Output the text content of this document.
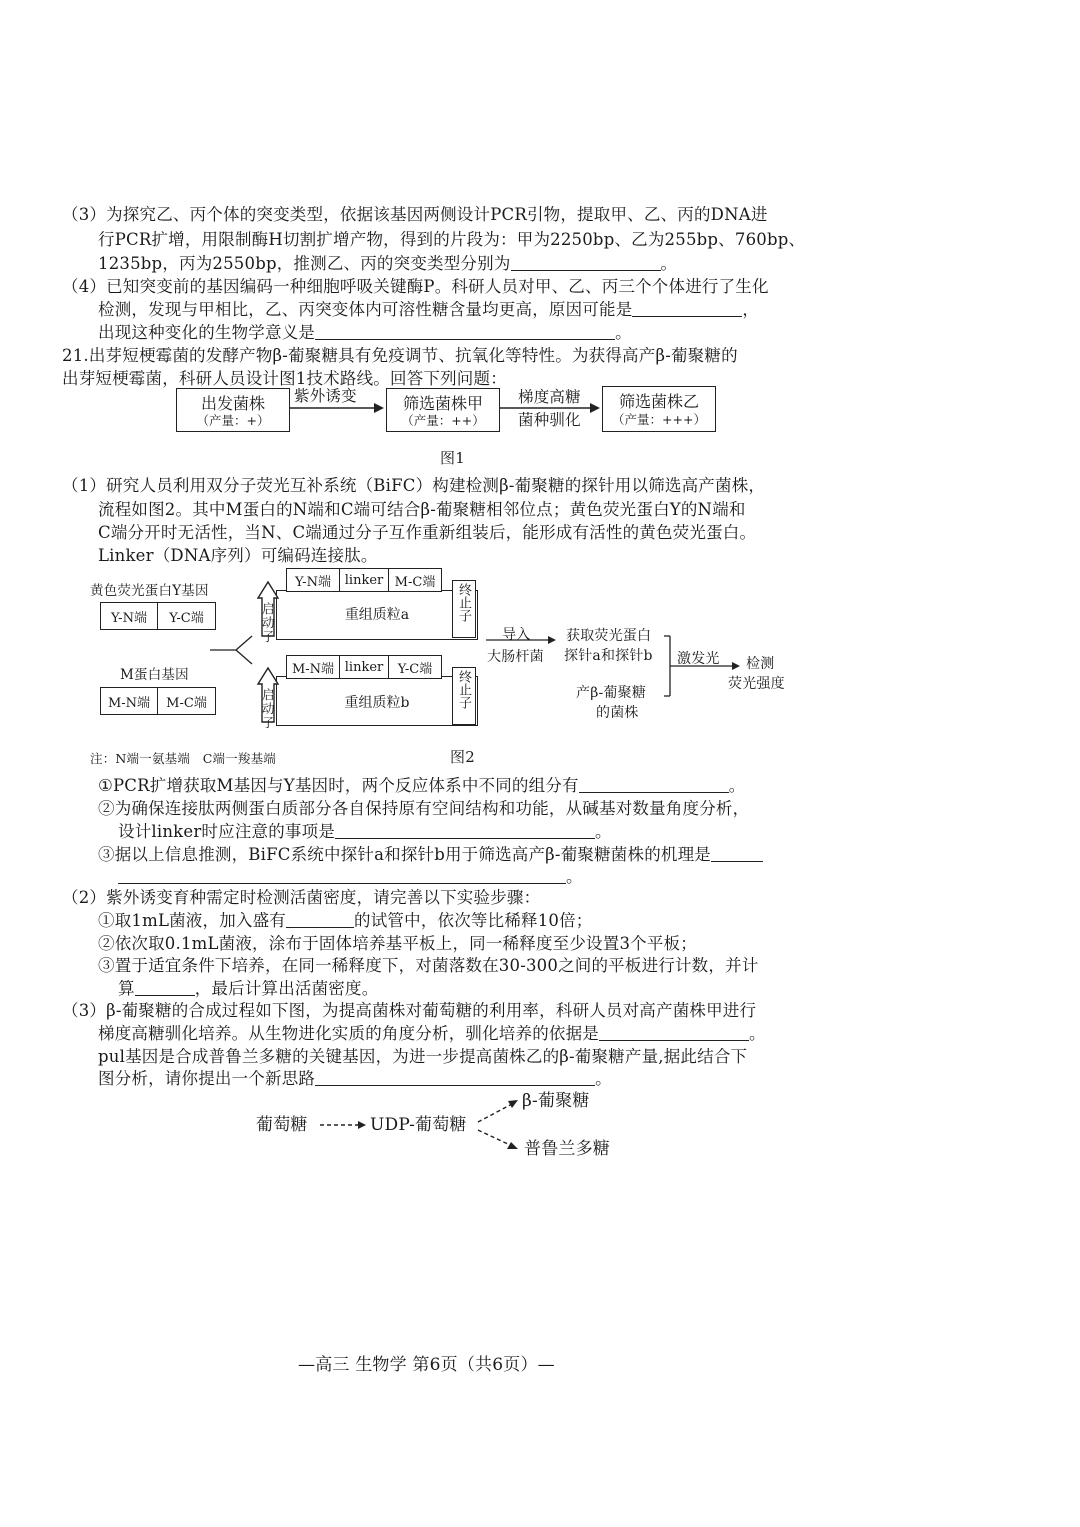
（3）为探究乙、丙个体的突变类型，依据该基因两侧设计PCR引物，提取甲、乙、丙的DNA进
行PCR扩增，用限制酶H切割扩增产物，得到的片段为：甲为2250bp、乙为255bp、760bp、
1235bp，丙为2550bp，推测乙、丙的突变类型分别为	。
（4）已知突变前的基因编码一种细胞呼吸关键酶P。科研人员对甲、乙、丙三个个体进行了生化
检测，发现与甲相比，乙、丙突变体内可溶性糖含量均更高，原因可能是	，
出现这种变化的生物学意义是	。
21.出芽短梗霉菌的发酵产物β-葡聚糖具有免疫调节、抗氧化等特性。为获得高产β-葡聚糖的
出芽短梗霉菌，科研人员设计图1技术路线。回答下列问题：
出发菌株
（产量：+）
筛选菌株甲
（产量：++）
筛选菌株乙
（产量：+++）
紫外诱变	梯度高糖
菌种驯化
图1
（1）研究人员利用双分子荧光互补系统（BiFC）构建检测β-葡聚糖的探针用以筛选高产菌株，
流程如图2。其中M蛋白的N端和C端可结合β-葡聚糖相邻位点；黄色荧光蛋白Y的N端和
C端分开时无活性，当N、C端通过分子互作重新组装后，能形成有活性的黄色荧光蛋白。
Linker（DNA序列）可编码连接肽。
黄色荧光蛋白Y基因
Y-N端	Y-C端
M蛋白基因
M-N端	M-C端
重组质粒a
Y-N端	linker M-C端
终止子
重组质粒b
M-N端 linker	Y-C端
终止子
启动子
启动子
导入
大肠杆菌
获取荧光蛋白
探针a和探针b
产β-葡聚糖
的菌株
激发光 检测
荧光强度
注：N端一氨基端　C端一羧基端	图2
①PCR扩增获取M基因与Y基因时，两个反应体系中不同的组分有	。
②为确保连接肽两侧蛋白质部分各自保持原有空间结构和功能，从碱基对数量角度分析，
设计linker时应注意的事项是	。
③据以上信息推测，BiFC系统中探针a和探针b用于筛选高产β-葡聚糖菌株的机理是
。
（2）紫外诱变育种需定时检测活菌密度，请完善以下实验步骤：
①取1mL菌液，加入盛有	的试管中，依次等比稀释10倍；
②依次取0.1mL菌液，涂布于固体培养基平板上，同一稀释度至少设置3个平板；
③置于适宜条件下培养，在同一稀释度下，对菌落数在30-300之间的平板进行计数，并计
算	，最后计算出活菌密度。
（3）β-葡聚糖的合成过程如下图，为提高菌株对葡萄糖的利用率，科研人员对高产菌株甲进行
梯度高糖驯化培养。从生物进化实质的角度分析，驯化培养的依据是	。
pul基因是合成普鲁兰多糖的关键基因，为进一步提高菌株乙的β-葡聚糖产量,据此结合下
图分析，请你提出一个新思路	。
葡萄糖	UDP-葡萄糖
β-葡聚糖
普鲁兰多糖
—高三 生物学 第6页（共6页）—
